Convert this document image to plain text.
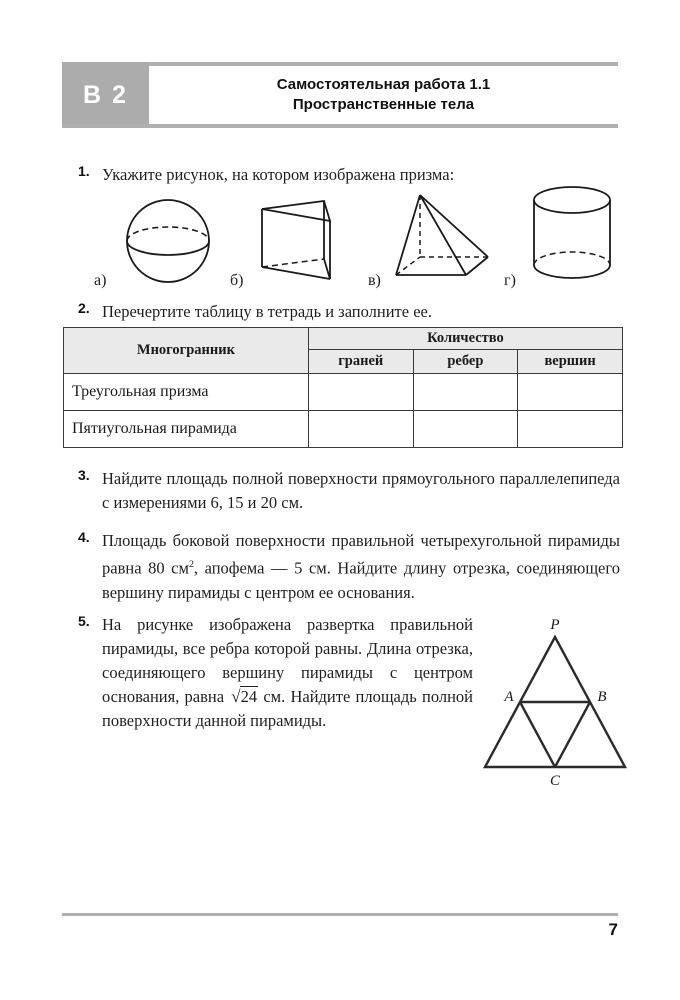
В 2	Самостоятельная работа 1.1
Пространственные тела
1. Укажите рисунок, на котором изображена призма:
а)	б)	в)	г)
2. Перечертите таблицу в тетрадь и заполните ее.
Многогранник	Количество		
	граней	ребер	вершин
Треугольная призма			
Пятиугольная пирамида			
3. Найдите площадь полной поверхности прямоугольного параллелепипеда с измерениями 6, 15 и 20 см.
4. Площадь боковой поверхности правильной четырехугольной пирамиды равна 80 $см^2$, апофема — 5 см. Найдите длину отрезка, соединяющего вершину пирамиды с центром ее основания.
5. На рисунке изображена развертка правильной пирамиды, все ребра которой равны. Длина отрезка, соединяющего вершину пирамиды с центром основания, равна √24 см. Найдите площадь полной поверхности данной пирамиды.
P
A	B
C
7
